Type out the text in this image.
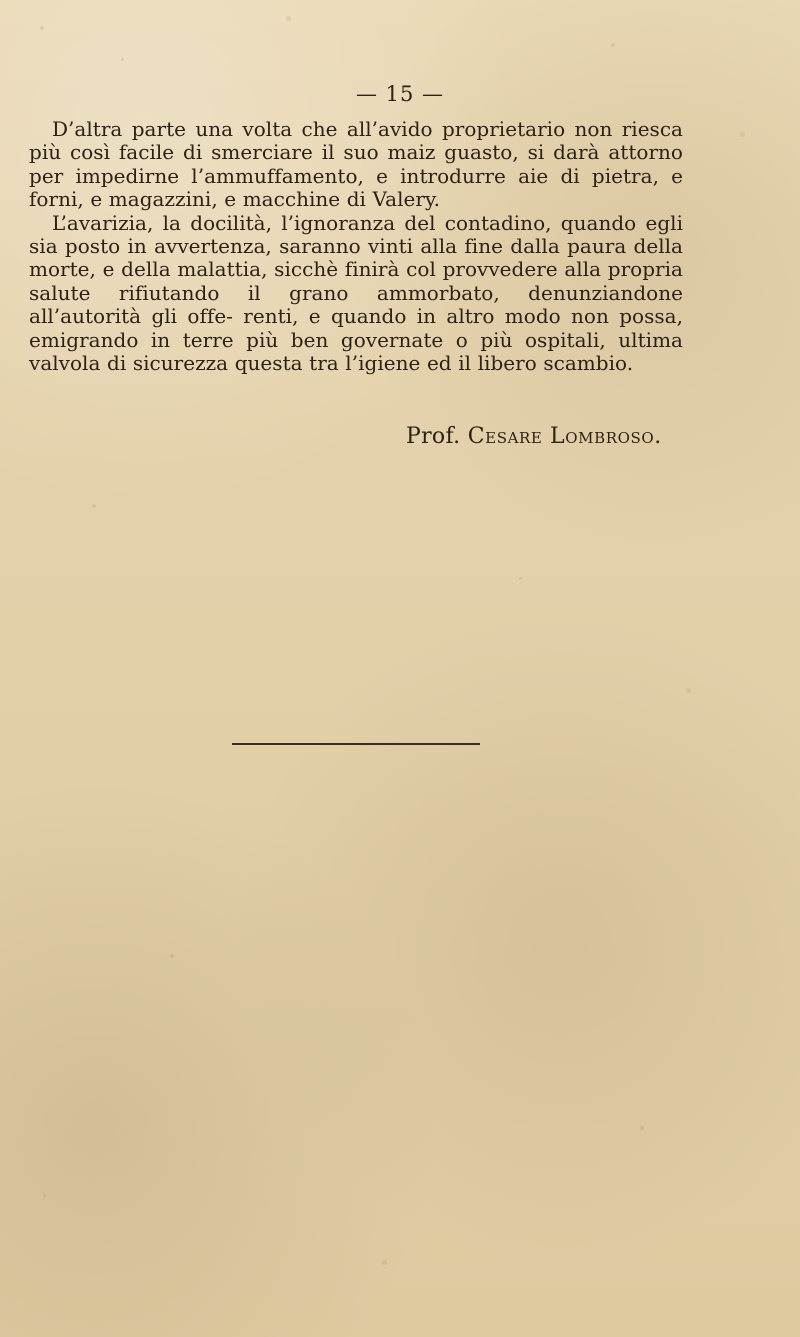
— 15 —

D’altra parte una volta che all’avido proprietario non riesca più così facile di smerciare il suo maiz guasto, si darà attorno per impedirne l’ammuffamento, e introdurre aie di pietra, e forni, e magazzini, e macchine di Valery.

L’avarizia, la docilità, l’ignoranza del contadino, quando egli sia posto in avvertenza, saranno vinti alla fine dalla paura della morte, e della malattia, sicchè finirà col provvedere alla propria salute rifiutando il grano ammorbato, denunziandone all’autorità gli offe- renti, e quando in altro modo non possa, emigrando in terre più ben governate o più ospitali, ultima valvola di sicurezza questa tra l’igiene ed il libero scambio.

Prof. Cesare Lombroso.
